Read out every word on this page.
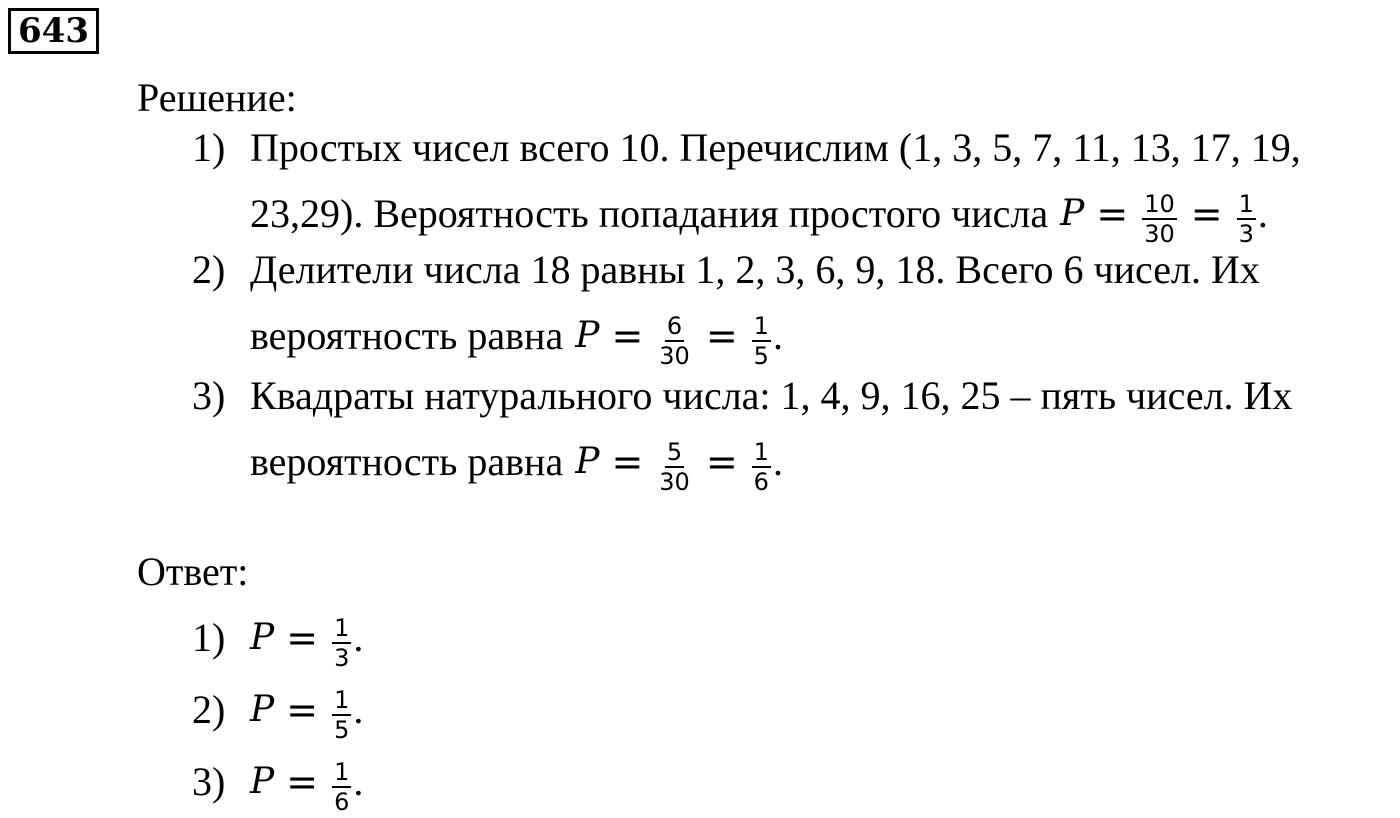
643
Решение:
1) Простых чисел всего 10. Перечислим (1, 3, 5, 7, 11, 13, 17, 19,
23,29). Вероятность попадания простого числа $P = \frac{10}{30} = \frac{1}{3}$ .
2) Делители числа 18 равны 1, 2, 3, 6, 9, 18. Всего 6 чисел. Их
вероятность равна $P = \frac{6}{30} = \frac{1}{5}$ .
3) Квадраты натурального числа: 1, 4, 9, 16, 25 – пять чисел. Их
вероятность равна $P = \frac{5}{30} = \frac{1}{6}$ .
Ответ:
1) $P = \frac{1}{3}$ .
2) $P = \frac{1}{5}$ .
3) $P = \frac{1}{6}$ .
